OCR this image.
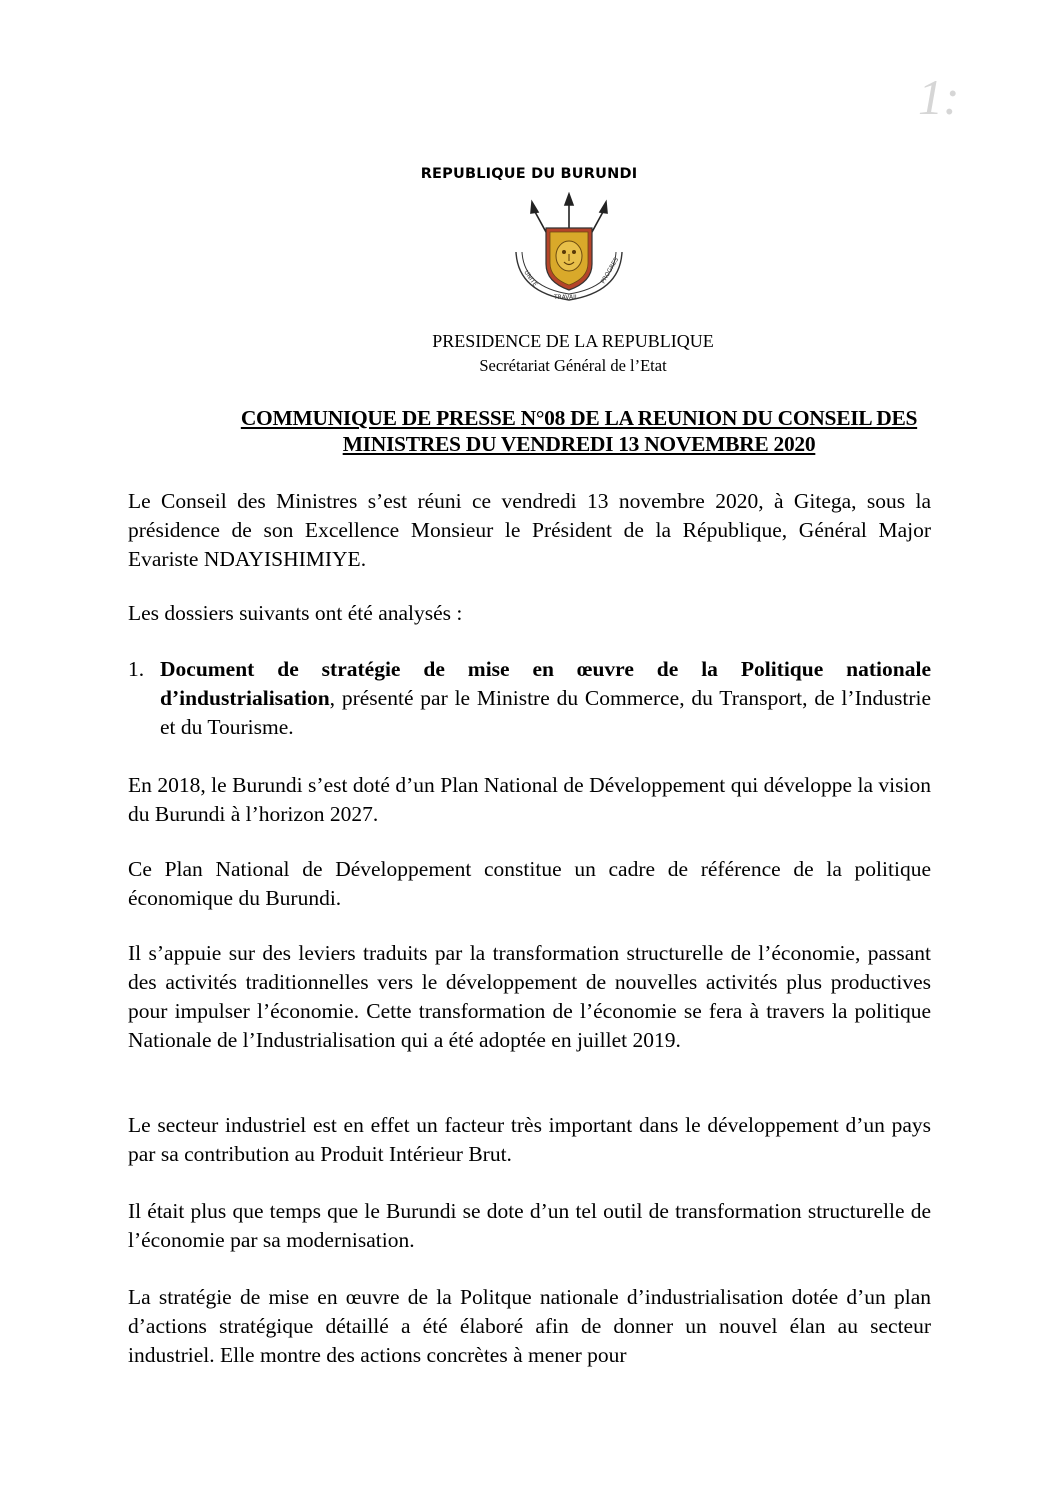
1:
REPUBLIQUE DU BURUNDI
UNITE
TRAVAIL
PROGRES
PRESIDENCE DE LA REPUBLIQUE
Secrétariat Général de l’Etat
COMMUNIQUE DE PRESSE N°08 DE LA REUNION DU CONSEIL DES
MINISTRES DU VENDREDI 13 NOVEMBRE 2020

Le Conseil des Ministres s’est réuni ce vendredi 13 novembre 2020, à Gitega, sous la présidence de son Excellence Monsieur le Président de la République, Général Major Evariste NDAYISHIMIYE.

Les dossiers suivants ont été analysés :

1. Document de stratégie de mise en œuvre de la Politique nationale d’industrialisation, présenté par le Ministre du Commerce, du Transport, de l’Industrie et du Tourisme.

En 2018, le Burundi s’est doté d’un Plan National de Développement qui développe la vision du Burundi à l’horizon 2027.

Ce Plan National de Développement constitue un cadre de référence de la politique économique du Burundi.

Il s’appuie sur des leviers traduits par la transformation structurelle de l’économie, passant des activités traditionnelles vers le développement de nouvelles activités plus productives pour impulser l’économie. Cette transformation de l’économie se fera à travers la politique Nationale de l’Industrialisation qui a été adoptée en juillet 2019.

Le secteur industriel est en effet un facteur très important dans le développement d’un pays par sa contribution au Produit Intérieur Brut.

Il était plus que temps que le Burundi se dote d’un tel outil de transformation structurelle de l’économie par sa modernisation.

La stratégie de mise en œuvre de la Politque nationale d’industrialisation dotée d’un plan d’actions stratégique détaillé a été élaboré afin de donner un nouvel élan au secteur industriel. Elle montre des actions concrètes à mener pour
